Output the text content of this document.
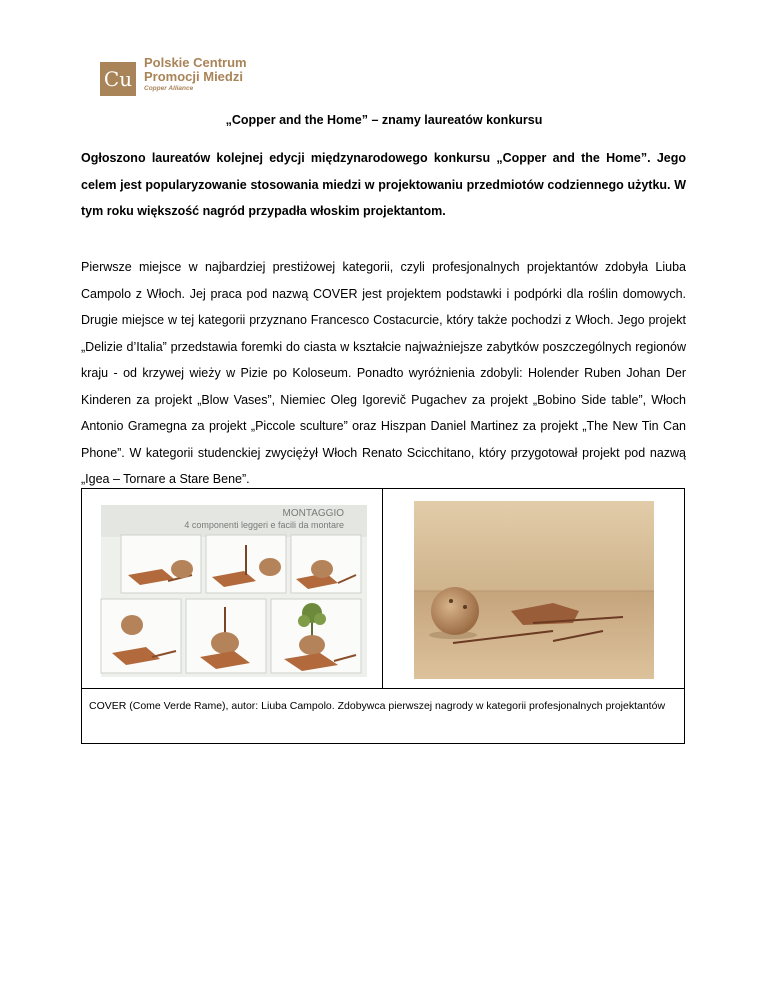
Cu
Polskie Centrum
Promocji Miedzi
Copper Alliance
„Copper and the Home” – znamy laureatów konkursu

Ogłoszono laureatów kolejnej edycji międzynarodowego konkursu „Copper and the Home”. Jego celem jest popularyzowanie stosowania miedzi w projektowaniu przedmiotów codziennego użytku. W tym roku większość nagród przypadła włoskim projektantom.

Pierwsze miejsce w najbardziej prestiżowej kategorii, czyli profesjonalnych projektantów zdobyła Liuba Campolo z Włoch. Jej praca pod nazwą COVER jest projektem podstawki i podpórki dla roślin domowych. Drugie miejsce w tej kategorii przyznano Francesco Costacurcie, który także pochodzi z Włoch. Jego projekt „Delizie d’Italia” przedstawia foremki do ciasta w kształcie najważniejsze zabytków poszczególnych regionów kraju - od krzywej wieży w Pizie po Koloseum. Ponadto wyróżnienia zdobyli: Holender Ruben Johan Der Kinderen za projekt „Blow Vases”, Niemiec Oleg Igorevič Pugachev za projekt „Bobino Side table”, Włoch Antonio Gramegna za projekt „Piccole sculture” oraz Hiszpan Daniel Martinez za projekt „The New Tin Can Phone”. W kategorii studenckiej zwyciężył Włoch Renato Scicchitano, który przygotował projekt pod nazwą „Igea – Tornare a Stare Bene”.

MONTAGGIO
4 componenti leggeri e facili da montare

COVER (Come Verde Rame), autor: Liuba Campolo. Zdobywca pierwszej nagrody w kategorii profesjonalnych projektantów
